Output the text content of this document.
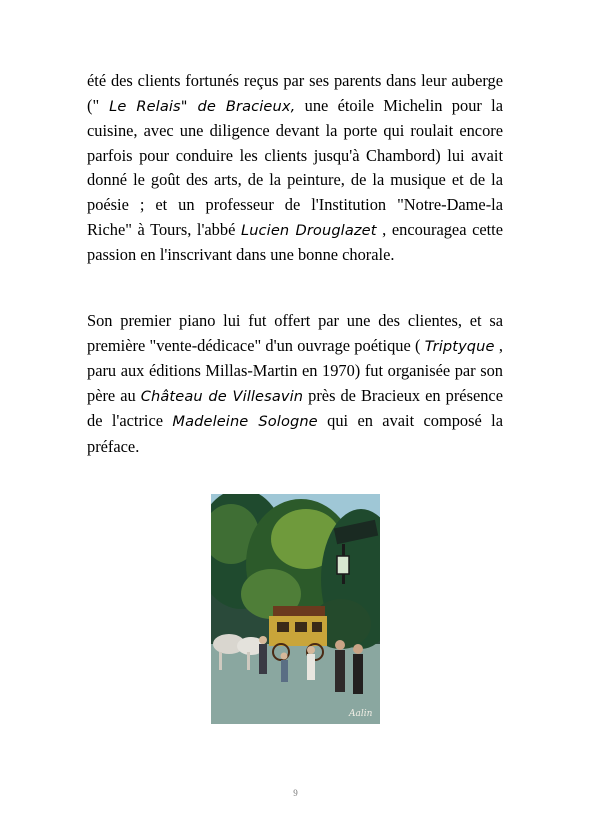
été des clients fortunés reçus par ses parents dans leur auberge (" Le Relais" de Bracieux, une étoile Michelin pour la cuisine, avec une diligence devant la porte qui roulait encore parfois pour conduire les clients jusqu'à Chambord) lui avait donné le goût des arts, de la peinture, de la musique et de la poésie ; et un professeur de l'Institution "Notre-Dame-la Riche" à Tours, l'abbé Lucien Drouglazet , encouragea cette passion en l'inscrivant dans une bonne chorale.

Son premier piano lui fut offert par une des clientes, et sa première "vente-dédicace" d'un ouvrage poétique ( Triptyque , paru aux éditions Millas-Martin en 1970) fut organisée par son père au Château de Villesavin près de Bracieux en présence de l'actrice Madeleine Sologne qui en avait composé la préface.

Aalin
9
